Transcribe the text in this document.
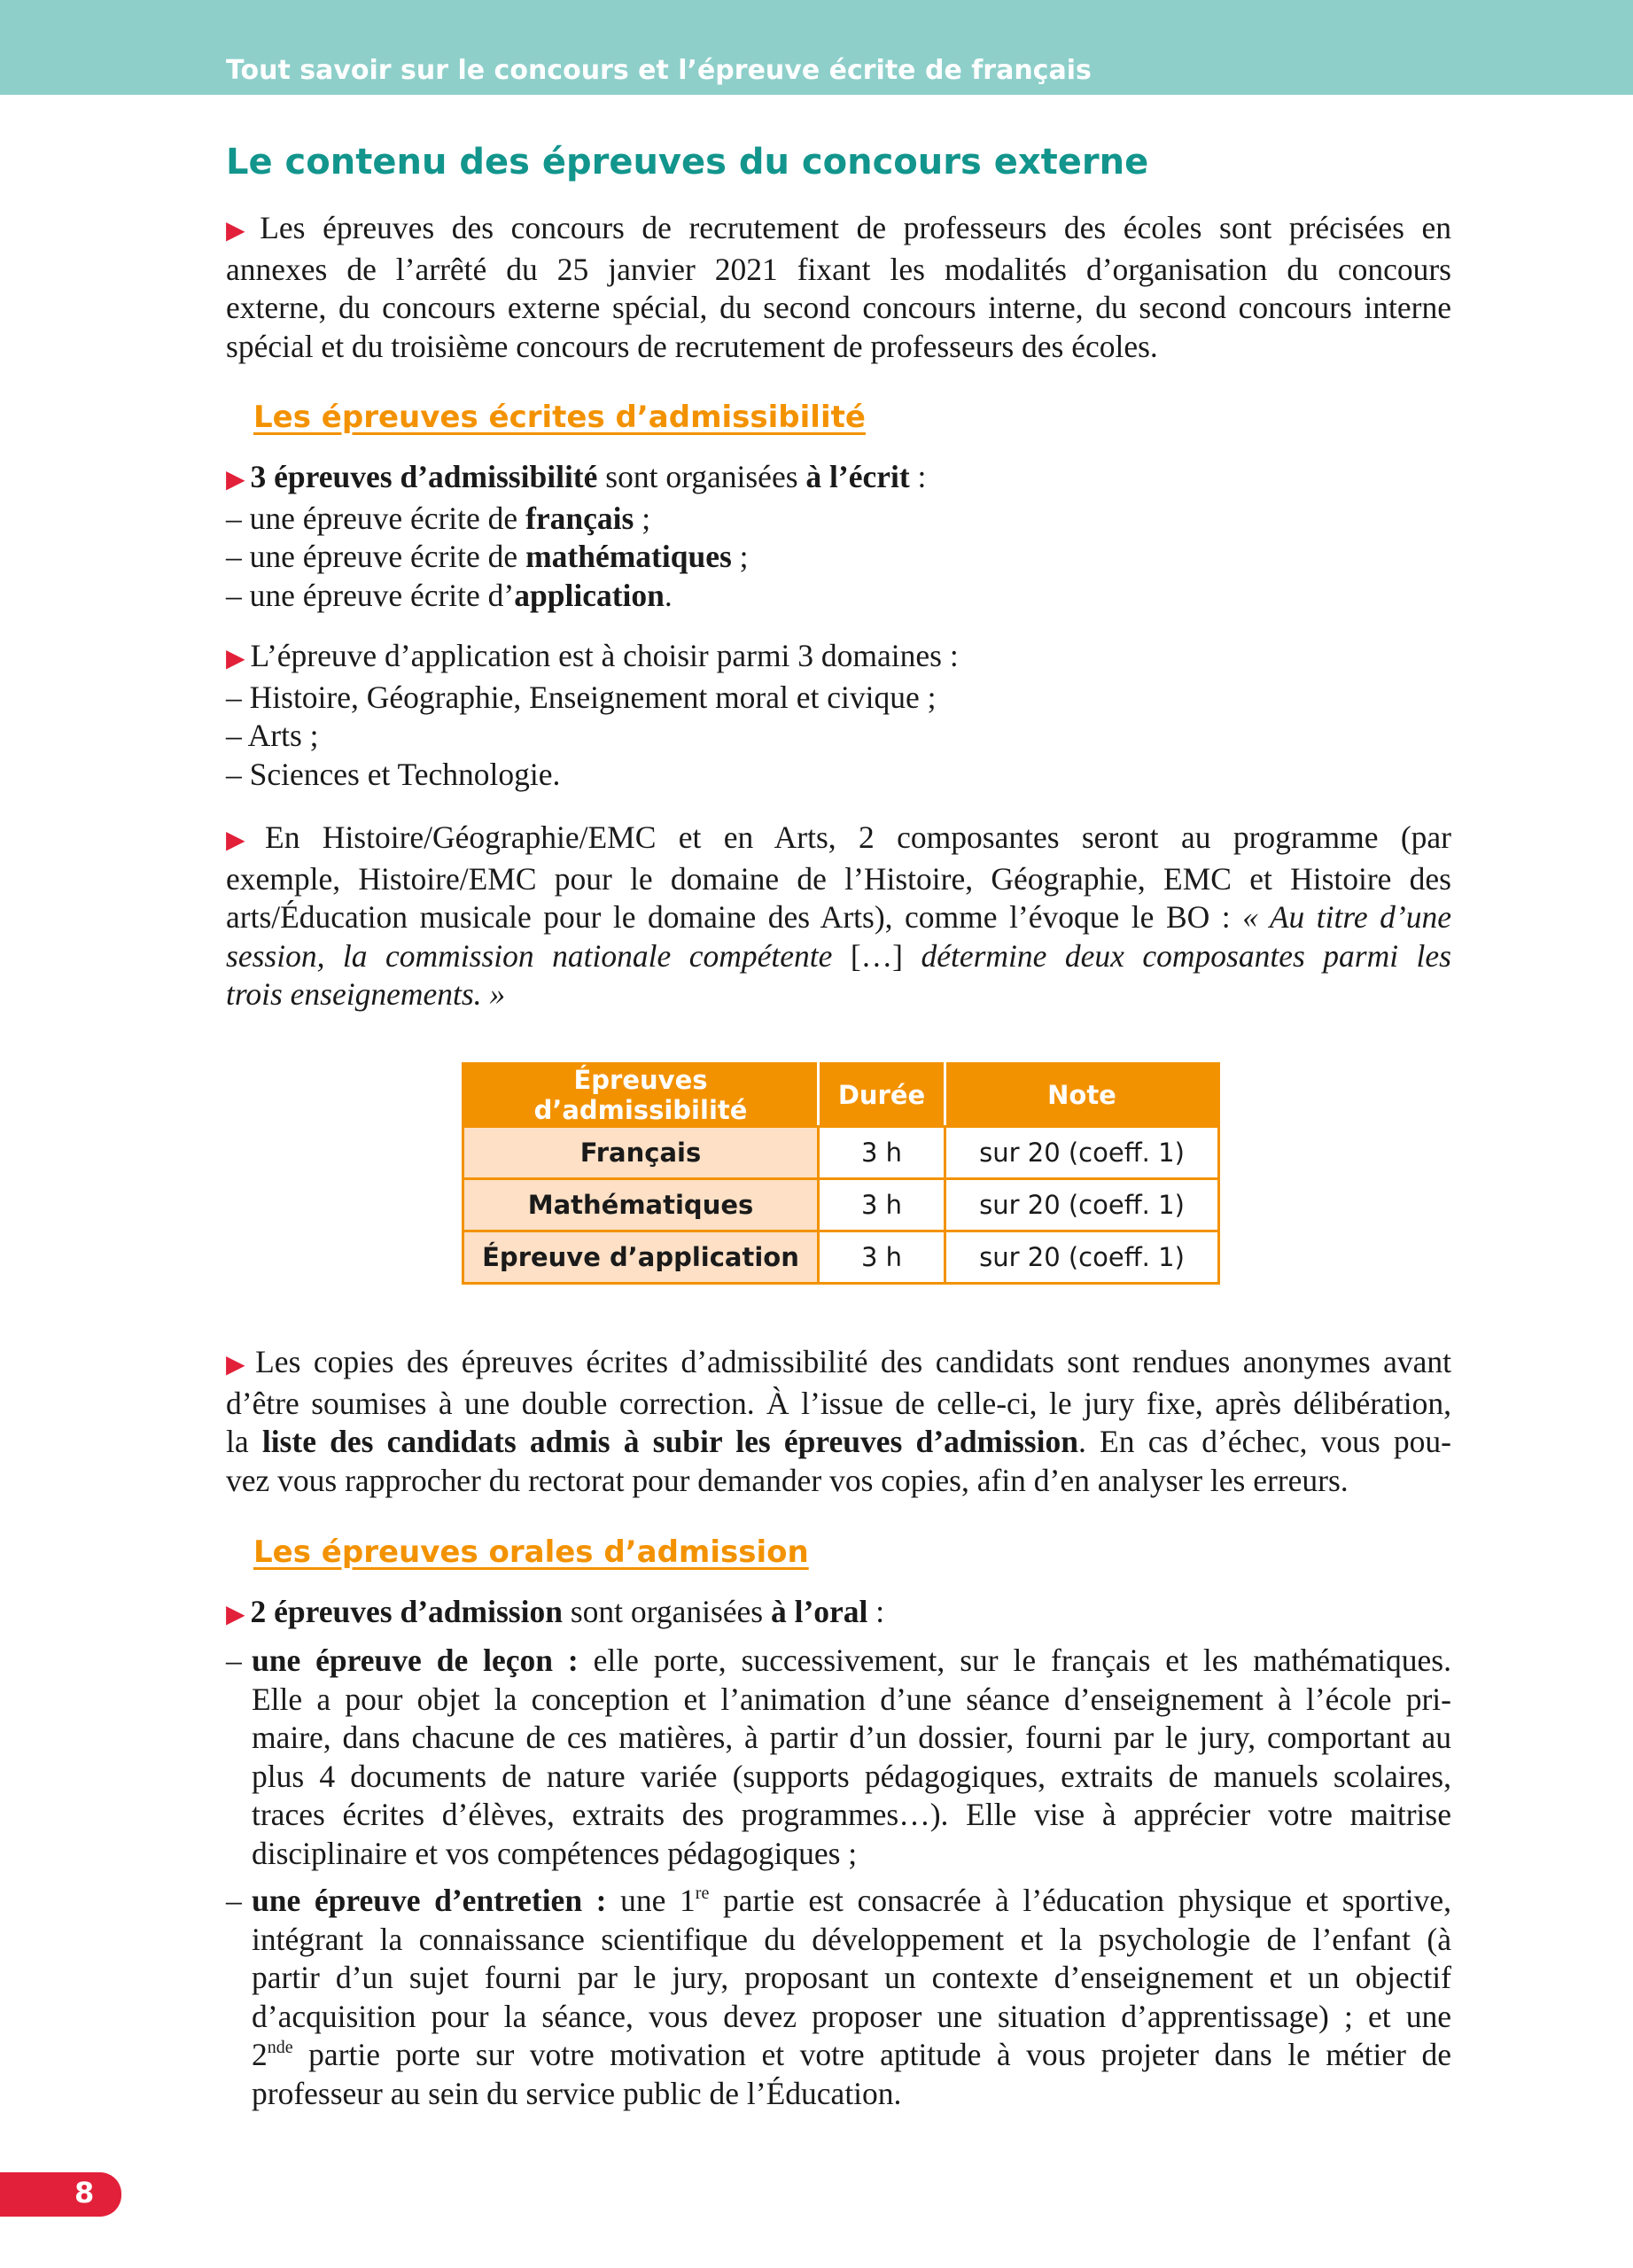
Tout savoir sur le concours et l’épreuve écrite de français
Le contenu des épreuves du concours externe
▶ Les épreuves des concours de recrutement de professeurs des écoles sont précisées en
annexes de l’arrêté du 25 janvier 2021 fixant les modalités d’organisation du concours
externe, du concours externe spécial, du second concours interne, du second concours interne
spécial et du troisième concours de recrutement de professeurs des écoles.
Les épreuves écrites d’admissibilité
▶ 3 épreuves d’admissibilité sont organisées à l’écrit :
– une épreuve écrite de français ;
– une épreuve écrite de mathématiques ;
– une épreuve écrite d’application.
▶ L’épreuve d’application est à choisir parmi 3 domaines :
– Histoire, Géographie, Enseignement moral et civique ;
– Arts ;
– Sciences et Technologie.
▶ En Histoire/Géographie/EMC et en Arts, 2 composantes seront au programme (par
exemple, Histoire/EMC pour le domaine de l’Histoire, Géographie, EMC et Histoire des
arts/Éducation musicale pour le domaine des Arts), comme l’évoque le BO : « Au titre d’une
session, la commission nationale compétente […] détermine deux composantes parmi les
trois enseignements. »
Épreuves d’admissibilité	Durée	Note
Français	3 h	sur 20 (coeff. 1)
Mathématiques	3 h	sur 20 (coeff. 1)
Épreuve d’application	3 h	sur 20 (coeff. 1)
▶ Les copies des épreuves écrites d’admissibilité des candidats sont rendues anonymes avant
d’être soumises à une double correction. À l’issue de celle-ci, le jury fixe, après délibération,
la liste des candidats admis à subir les épreuves d’admission. En cas d’échec, vous pou-
vez vous rapprocher du rectorat pour demander vos copies, afin d’en analyser les erreurs.
Les épreuves orales d’admission
▶ 2 épreuves d’admission sont organisées à l’oral :
– une épreuve de leçon : elle porte, successivement, sur le français et les mathématiques.
Elle a pour objet la conception et l’animation d’une séance d’enseignement à l’école pri-
maire, dans chacune de ces matières, à partir d’un dossier, fourni par le jury, comportant au
plus 4 documents de nature variée (supports pédagogiques, extraits de manuels scolaires,
traces écrites d’élèves, extraits des programmes…). Elle vise à apprécier votre maitrise
disciplinaire et vos compétences pédagogiques ;
– une épreuve d’entretien : une 1re partie est consacrée à l’éducation physique et sportive,
intégrant la connaissance scientifique du développement et la psychologie de l’enfant (à
partir d’un sujet fourni par le jury, proposant un contexte d’enseignement et un objectif
d’acquisition pour la séance, vous devez proposer une situation d’apprentissage) ; et une
2nde partie porte sur votre motivation et votre aptitude à vous projeter dans le métier de
professeur au sein du service public de l’Éducation.
8
